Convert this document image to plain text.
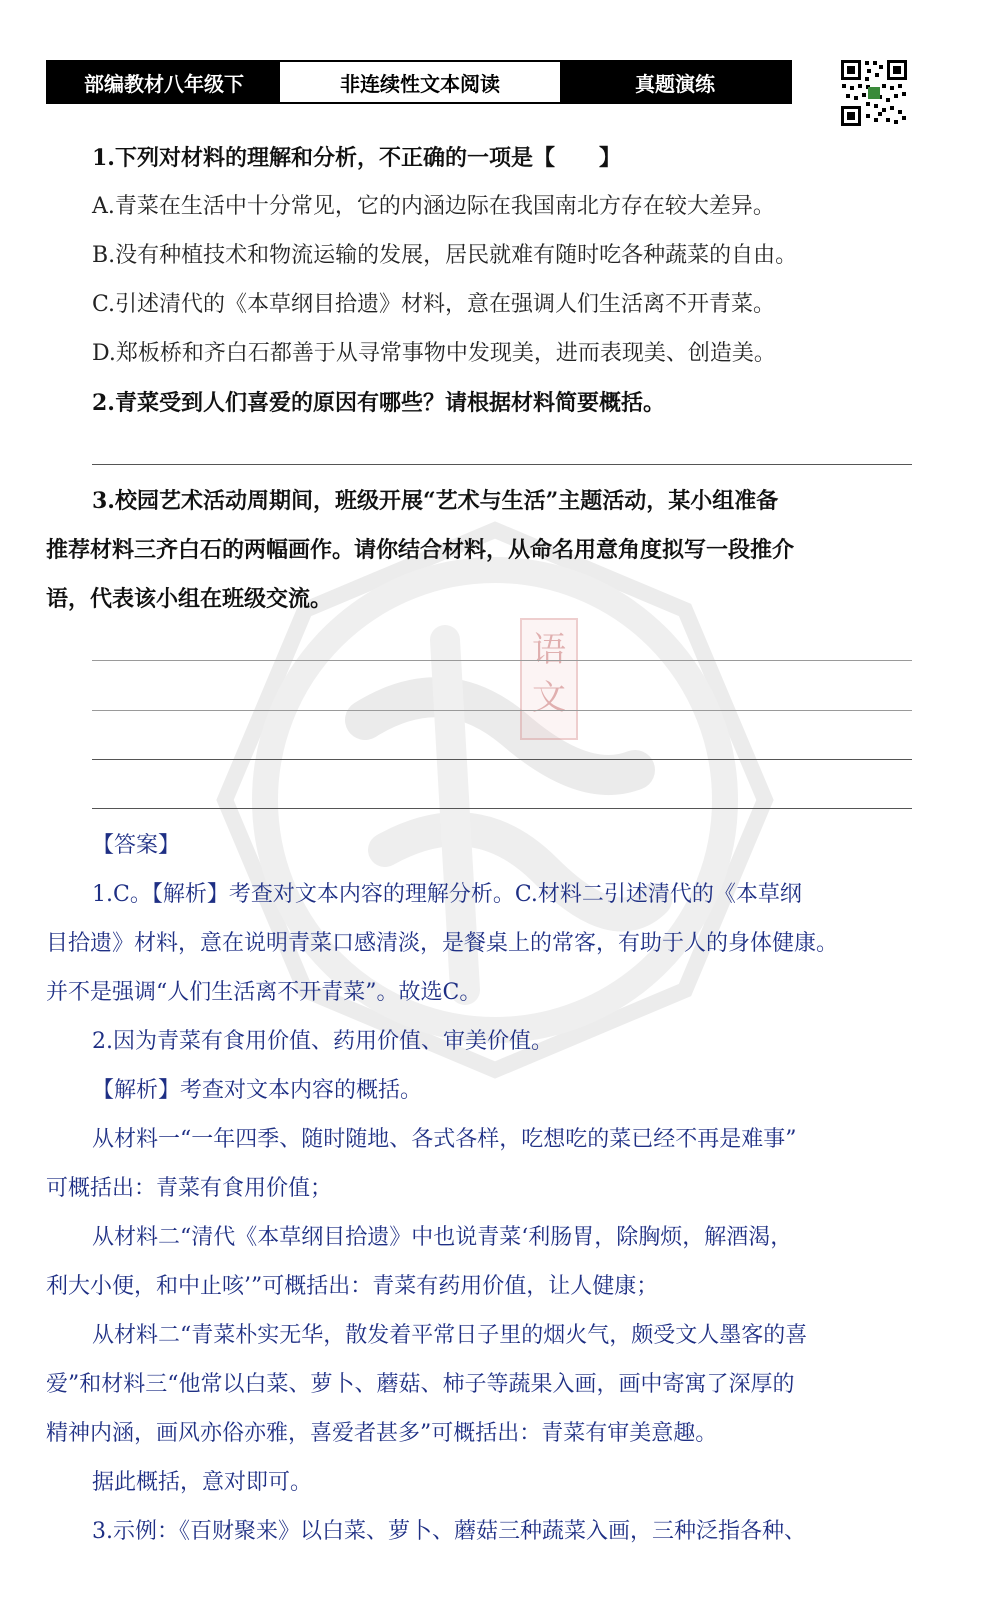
语
文
部编教材八年级下	非连续性文本阅读	真题演练
1.下列对材料的理解和分析，不正确的一项是【　　】
A.青菜在生活中十分常见，它的内涵边际在我国南北方存在较大差异。
B.没有种植技术和物流运输的发展，居民就难有随时吃各种蔬菜的自由。
C.引述清代的《本草纲目拾遗》材料，意在强调人们生活离不开青菜。
D.郑板桥和齐白石都善于从寻常事物中发现美，进而表现美、创造美。
2.青菜受到人们喜爱的原因有哪些？请根据材料简要概括。
3.校园艺术活动周期间，班级开展“艺术与生活”主题活动，某小组准备
推荐材料三齐白石的两幅画作。请你结合材料，从命名用意角度拟写一段推介
语，代表该小组在班级交流。
【答案】
1.C。【解析】考查对文本内容的理解分析。C.材料二引述清代的《本草纲
目拾遗》材料，意在说明青菜口感清淡，是餐桌上的常客，有助于人的身体健康。
并不是强调“人们生活离不开青菜”。故选C。
2.因为青菜有食用价值、药用价值、审美价值。
【解析】考查对文本内容的概括。
从材料一“一年四季、随时随地、各式各样，吃想吃的菜已经不再是难事”
可概括出：青菜有食用价值；
从材料二“清代《本草纲目拾遗》中也说青菜‘利肠胃，除胸烦，解酒渴，
利大小便，和中止咳’”可概括出：青菜有药用价值，让人健康；
从材料二“青菜朴实无华，散发着平常日子里的烟火气，颇受文人墨客的喜
爱”和材料三“他常以白菜、萝卜、蘑菇、柿子等蔬果入画，画中寄寓了深厚的
精神内涵，画风亦俗亦雅，喜爱者甚多”可概括出：青菜有审美意趣。
据此概括，意对即可。
3.示例：《百财聚来》以白菜、萝卜、蘑菇三种蔬菜入画，三种泛指各种、
